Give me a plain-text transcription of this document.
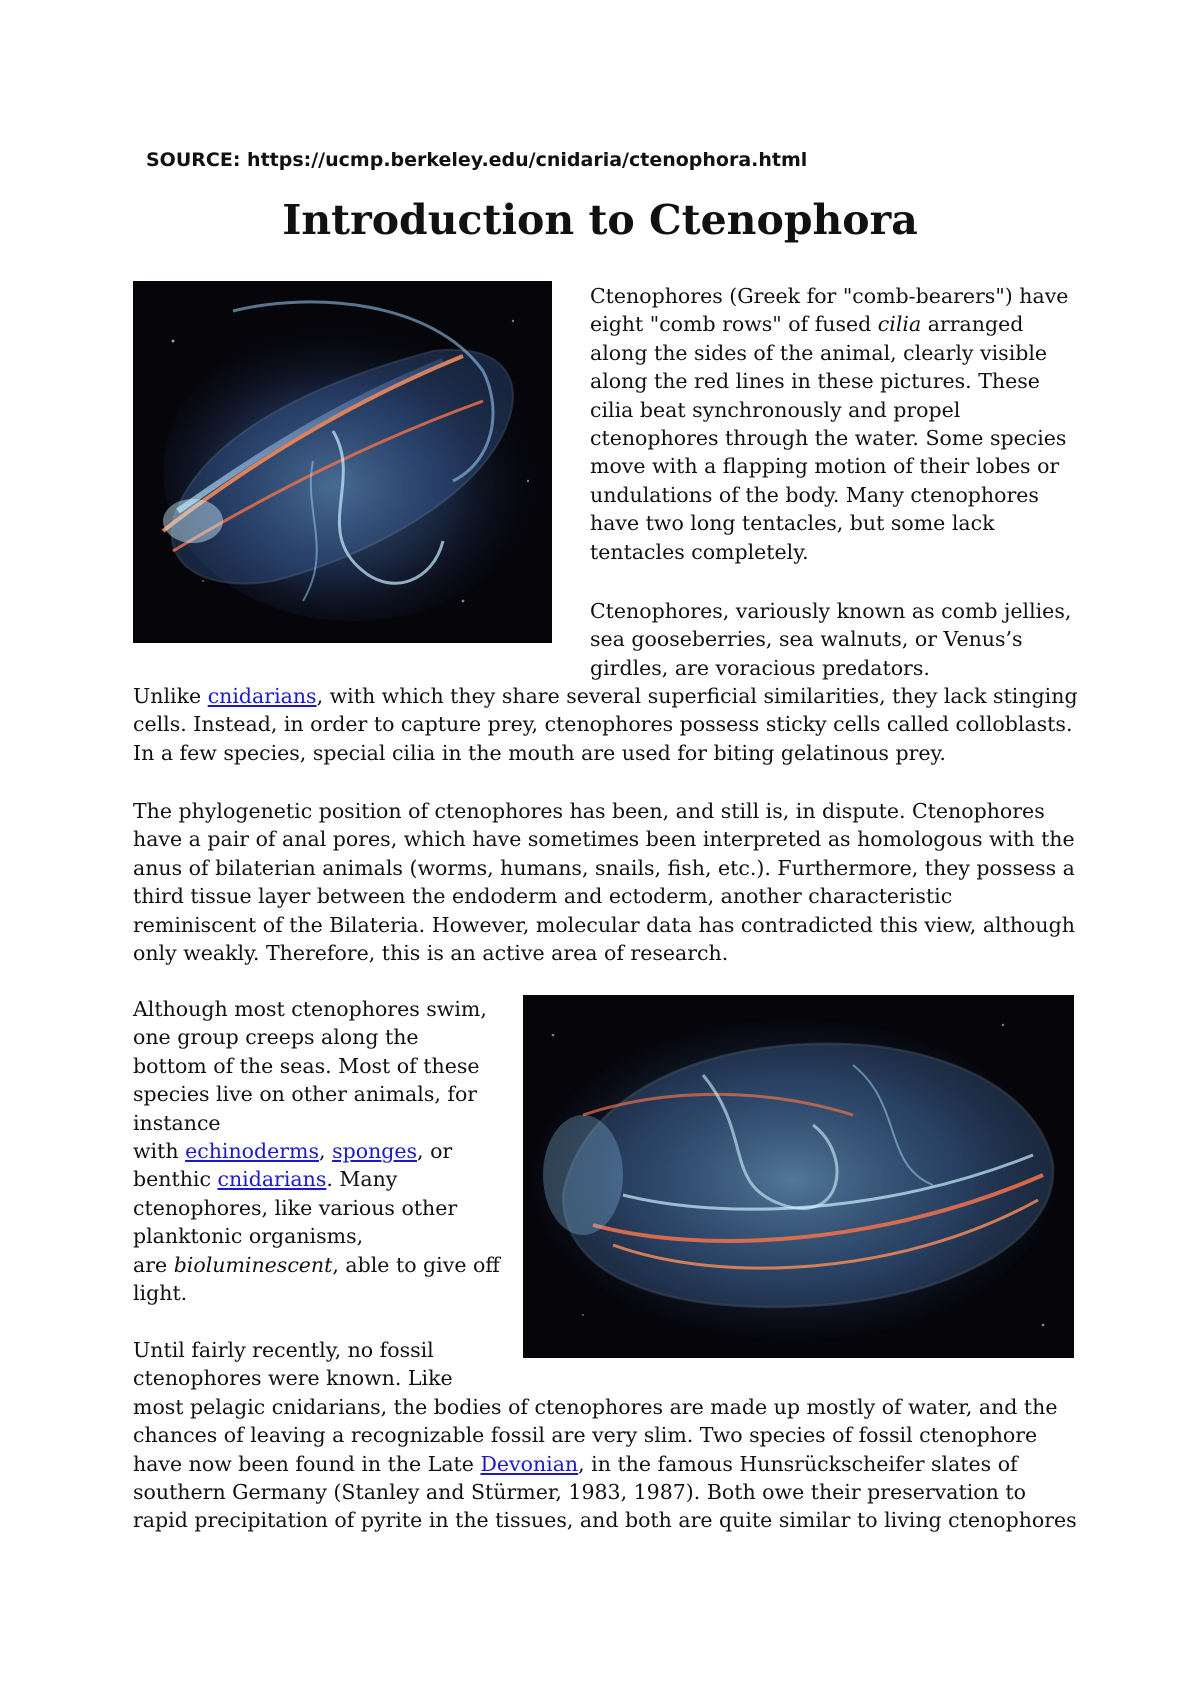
SOURCE: https://ucmp.berkeley.edu/cnidaria/ctenophora.html
Introduction to Ctenophora
Ctenophores (Greek for "comb-bearers") have
eight "comb rows" of fused cilia arranged
along the sides of the animal, clearly visible
along the red lines in these pictures. These
cilia beat synchronously and propel
ctenophores through the water. Some species
move with a flapping motion of their lobes or
undulations of the body. Many ctenophores
have two long tentacles, but some lack
tentacles completely.
Ctenophores, variously known as comb jellies,
sea gooseberries, sea walnuts, or Venus’s
girdles, are voracious predators.
Unlike cnidarians, with which they share several superficial similarities, they lack stinging
cells. Instead, in order to capture prey, ctenophores possess sticky cells called colloblasts.
In a few species, special cilia in the mouth are used for biting gelatinous prey.
The phylogenetic position of ctenophores has been, and still is, in dispute. Ctenophores
have a pair of anal pores, which have sometimes been interpreted as homologous with the
anus of bilaterian animals (worms, humans, snails, fish, etc.). Furthermore, they possess a
third tissue layer between the endoderm and ectoderm, another characteristic
reminiscent of the Bilateria. However, molecular data has contradicted this view, although
only weakly. Therefore, this is an active area of research.
Although most ctenophores swim,
one group creeps along the
bottom of the seas. Most of these
species live on other animals, for
instance
with echinoderms, sponges, or
benthic cnidarians. Many
ctenophores, like various other
planktonic organisms,
are bioluminescent, able to give off
light.
Until fairly recently, no fossil
ctenophores were known. Like
most pelagic cnidarians, the bodies of ctenophores are made up mostly of water, and the
chances of leaving a recognizable fossil are very slim. Two species of fossil ctenophore
have now been found in the Late Devonian, in the famous Hunsrückscheifer slates of
southern Germany (Stanley and Stürmer, 1983, 1987). Both owe their preservation to
rapid precipitation of pyrite in the tissues, and both are quite similar to living ctenophores
